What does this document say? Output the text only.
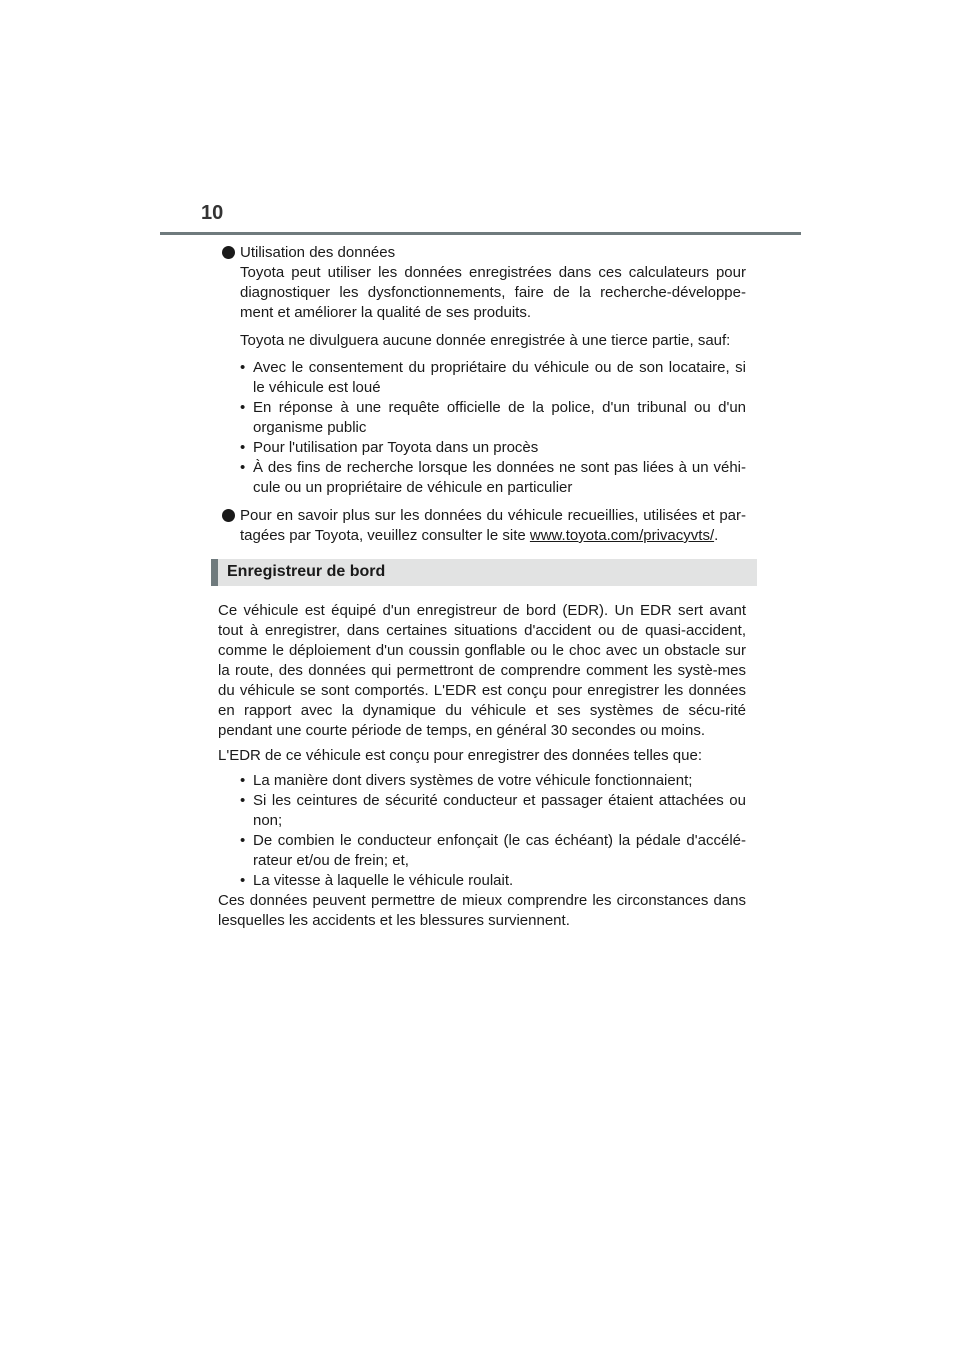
10
Utilisation des données
Toyota peut utiliser les données enregistrées dans ces calculateurs pour diagnostiquer les dysfonctionnements, faire de la recherche-développe-ment et améliorer la qualité de ses produits.
Toyota ne divulguera aucune donnée enregistrée à une tierce partie, sauf:
• Avec le consentement du propriétaire du véhicule ou de son locataire, si le véhicule est loué
• En réponse à une requête officielle de la police, d'un tribunal ou d'un organisme public
• Pour l'utilisation par Toyota dans un procès
• À des fins de recherche lorsque les données ne sont pas liées à un véhi-cule ou un propriétaire de véhicule en particulier
Pour en savoir plus sur les données du véhicule recueillies, utilisées et par-tagées par Toyota, veuillez consulter le site www.toyota.com/privacyvts/.
Enregistreur de bord
Ce véhicule est équipé d'un enregistreur de bord (EDR). Un EDR sert avant tout à enregistrer, dans certaines situations d'accident ou de quasi-accident, comme le déploiement d'un coussin gonflable ou le choc avec un obstacle sur la route, des données qui permettront de comprendre comment les systè-mes du véhicule se sont comportés. L'EDR est conçu pour enregistrer les données en rapport avec la dynamique du véhicule et ses systèmes de sécu-rité pendant une courte période de temps, en général 30 secondes ou moins.
L'EDR de ce véhicule est conçu pour enregistrer des données telles que:
• La manière dont divers systèmes de votre véhicule fonctionnaient;
• Si les ceintures de sécurité conducteur et passager étaient attachées ou non;
• De combien le conducteur enfonçait (le cas échéant) la pédale d'accélé-rateur et/ou de frein; et,
• La vitesse à laquelle le véhicule roulait.
Ces données peuvent permettre de mieux comprendre les circonstances dans lesquelles les accidents et les blessures surviennent.
